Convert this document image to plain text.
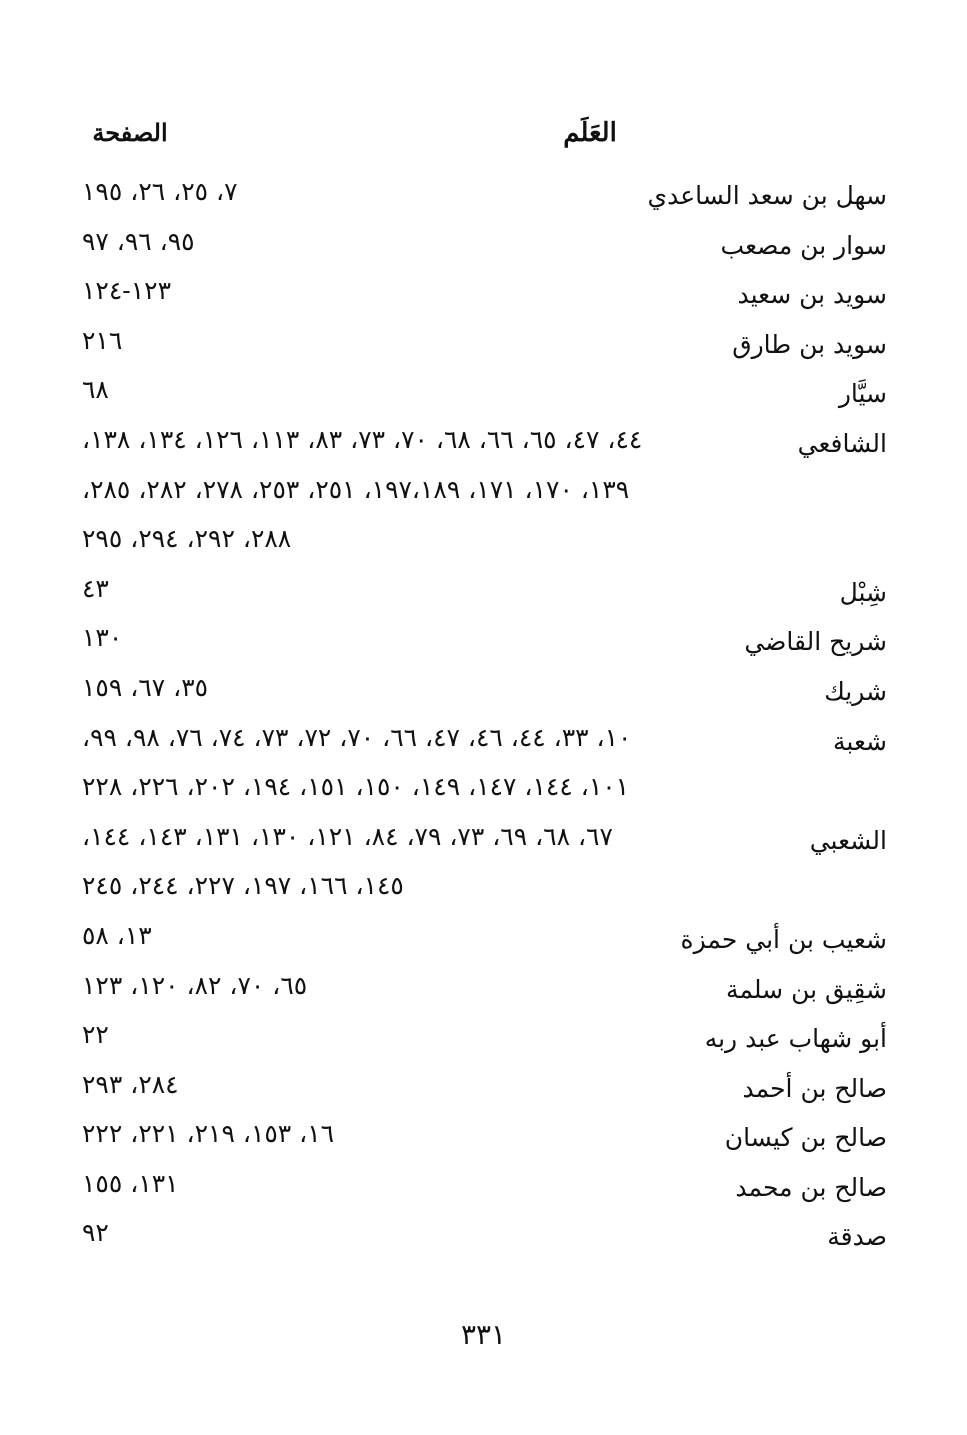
العَلَم
الصفحة
سهل بن سعد الساعدي
٧، ٢٥، ٢٦، ١٩٥
سوار بن مصعب
٩٥، ٩٦، ٩٧
سويد بن سعيد
١٢٣-١٢٤
سويد بن طارق
٢١٦
سيَّار
٦٨
الشافعي
٤٤، ٤٧، ٦٥، ٦٦، ٦٨، ٧٠، ٧٣، ٨٣، ١١٣، ١٢٦، ١٣٤، ١٣٨،
١٣٩، ١٧٠، ١٧١، ١٩٧،١٨٩، ٢٥١، ٢٥٣، ٢٧٨، ٢٨٢، ٢٨٥،
٢٨٨، ٢٩٢، ٢٩٤، ٢٩٥
شِبْل
٤٣
شريح القاضي
١٣٠
شريك
٣٥، ٦٧، ١٥٩
شعبة
١٠، ٣٣، ٤٤، ٤٦، ٤٧، ٦٦، ٧٠، ٧٢، ٧٣، ٧٤، ٧٦، ٩٨، ٩٩،
١٠١، ١٤٤، ١٤٧، ١٤٩، ١٥٠، ١٥١، ١٩٤، ٢٠٢، ٢٢٦، ٢٢٨
الشعبي
٦٧، ٦٨، ٦٩، ٧٣، ٧٩، ٨٤، ١٢١، ١٣٠، ١٣١، ١٤٣، ١٤٤،
١٤٥، ١٦٦، ١٩٧، ٢٢٧، ٢٤٤، ٢٤٥
شعيب بن أبي حمزة
١٣، ٥٨
شقِيق بن سلمة
٦٥، ٧٠، ٨٢، ١٢٠، ١٢٣
أبو شهاب عبد ربه
٢٢
صالح بن أحمد
٢٨٤، ٢٩٣
صالح بن كيسان
١٦، ١٥٣، ٢١٩، ٢٢١، ٢٢٢
صالح بن محمد
١٣١، ١٥٥
صدقة
٩٢
٣٣١
